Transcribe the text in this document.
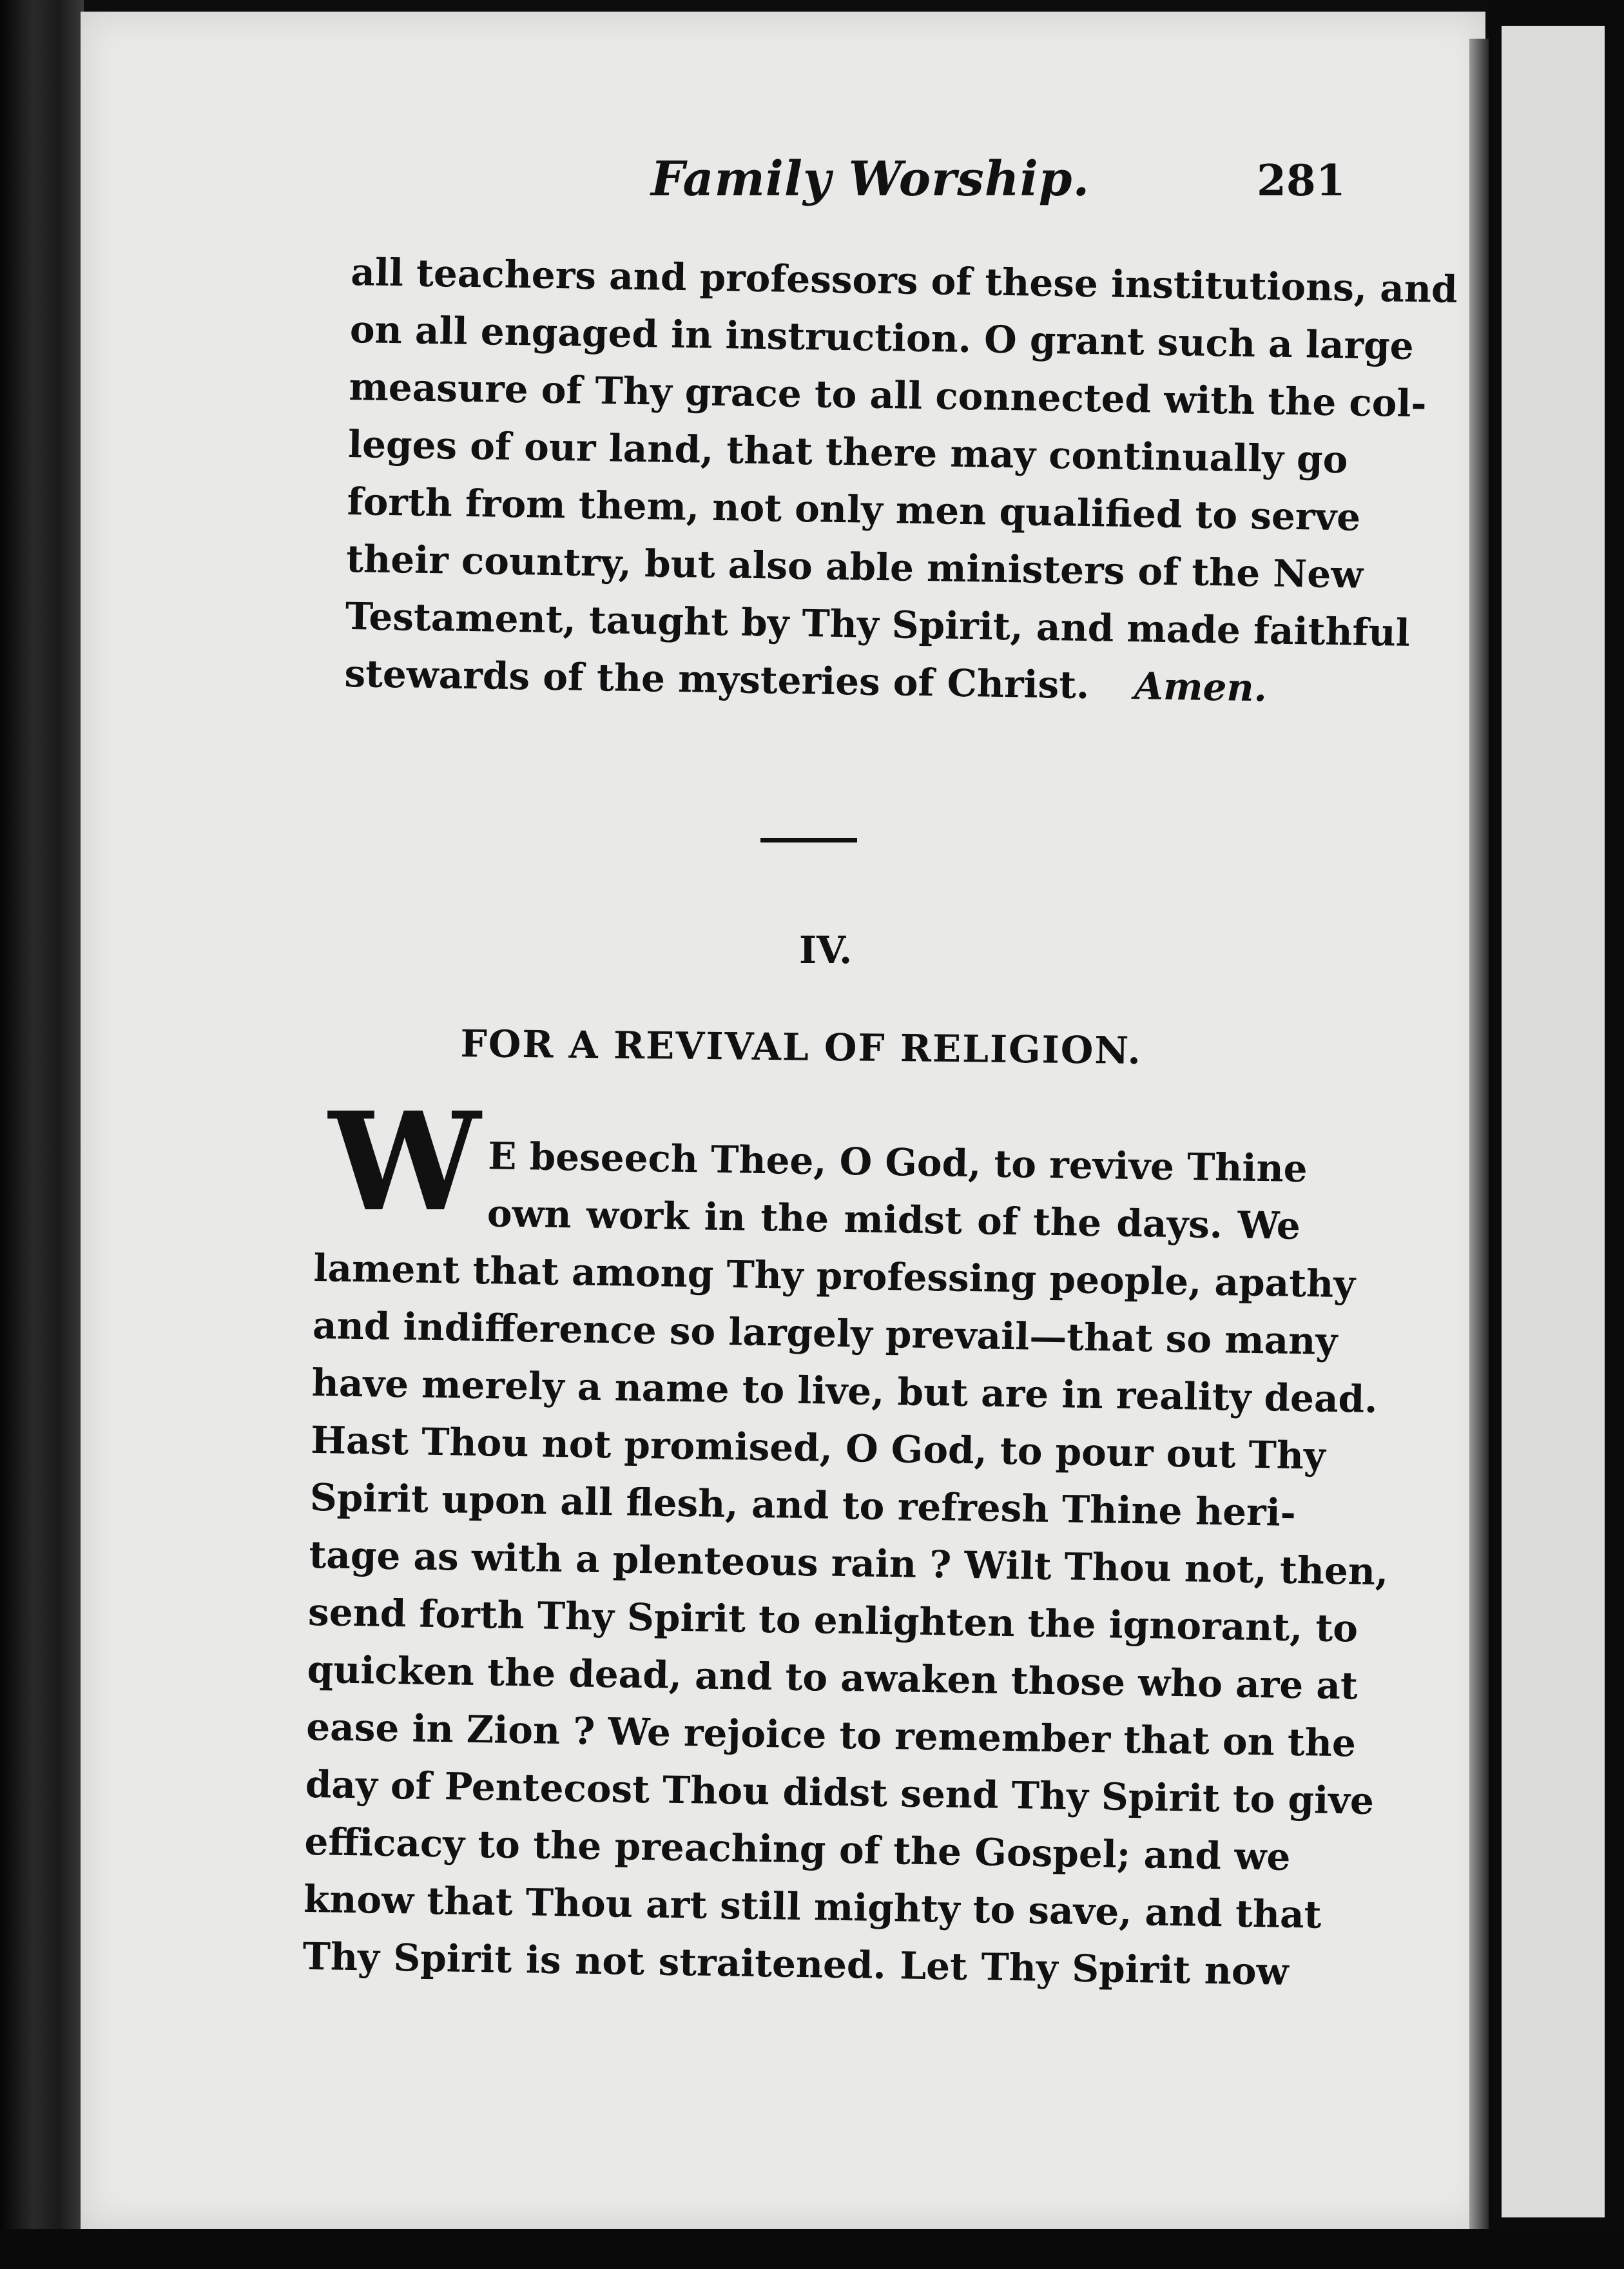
Family Worship.	281
all teachers and professors of these institutions, and
on all engaged in instruction. O grant such a large
measure of Thy grace to all connected with the col-
leges of our land, that there may continually go
forth from them, not only men qualified to serve
their country, but also able ministers of the New
Testament, taught by Thy Spirit, and made faithful
stewards of the mysteries of Christ. Amen.
IV.
FOR A REVIVAL OF RELIGION.
W E beseech Thee, O God, to revive Thine
own work in the midst of the days. We
lament that among Thy professing people, apathy
and indifference so largely prevail—that so many
have merely a name to live, but are in reality dead.
Hast Thou not promised, O God, to pour out Thy
Spirit upon all flesh, and to refresh Thine heri-
tage as with a plenteous rain ? Wilt Thou not, then,
send forth Thy Spirit to enlighten the ignorant, to
quicken the dead, and to awaken those who are at
ease in Zion ? We rejoice to remember that on the
day of Pentecost Thou didst send Thy Spirit to give
efficacy to the preaching of the Gospel; and we
know that Thou art still mighty to save, and that
Thy Spirit is not straitened. Let Thy Spirit now
